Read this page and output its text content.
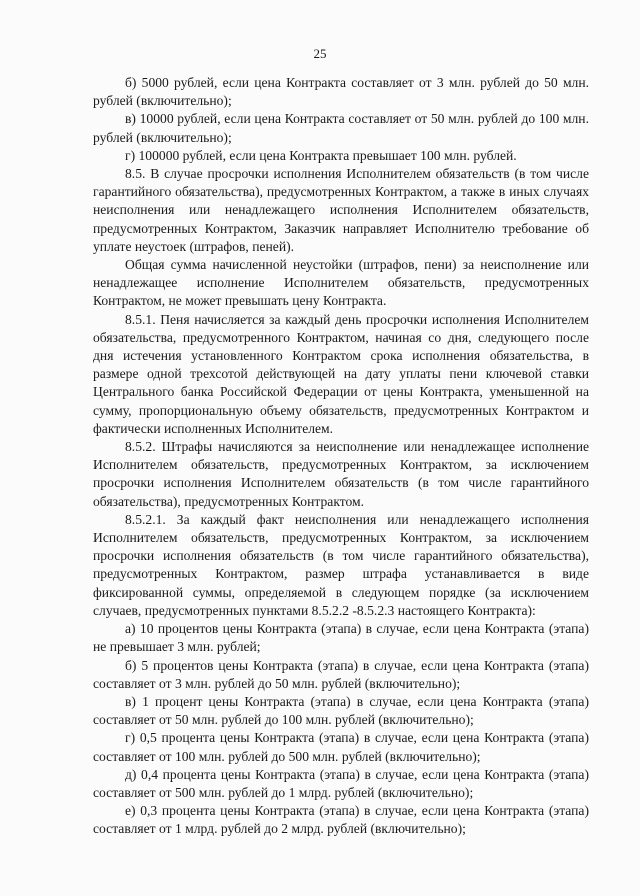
25

б) 5000 рублей, если цена Контракта составляет от 3 млн. рублей до 50 млн. рублей (включительно);

в) 10000 рублей, если цена Контракта составляет от 50 млн. рублей до 100 млн. рублей (включительно);

г) 100000 рублей, если цена Контракта превышает 100 млн. рублей.

8.5. В случае просрочки исполнения Исполнителем обязательств (в том числе гарантийного обязательства), предусмотренных Контрактом, а также в иных случаях неисполнения или ненадлежащего исполнения Исполнителем обязательств, предусмотренных Контрактом, Заказчик направляет Исполнителю требование об уплате неустоек (штрафов, пеней).

Общая сумма начисленной неустойки (штрафов, пени) за неисполнение или ненадлежащее исполнение Исполнителем обязательств, предусмотренных Контрактом, не может превышать цену Контракта.

8.5.1. Пеня начисляется за каждый день просрочки исполнения Исполнителем обязательства, предусмотренного Контрактом, начиная со дня, следующего после дня истечения установленного Контрактом срока исполнения обязательства, в размере одной трехсотой действующей на дату уплаты пени ключевой ставки Центрального банка Российской Федерации от цены Контракта, уменьшенной на сумму, пропорциональную объему обязательств, предусмотренных Контрактом и фактически исполненных Исполнителем.

8.5.2. Штрафы начисляются за неисполнение или ненадлежащее исполнение Исполнителем обязательств, предусмотренных Контрактом, за исключением просрочки исполнения Исполнителем обязательств (в том числе гарантийного обязательства), предусмотренных Контрактом.

8.5.2.1. За каждый факт неисполнения или ненадлежащего исполнения Исполнителем обязательств, предусмотренных Контрактом, за исключением просрочки исполнения обязательств (в том числе гарантийного обязательства), предусмотренных Контрактом, размер штрафа устанавливается в виде фиксированной суммы, определяемой в следующем порядке (за исключением случаев, предусмотренных пунктами 8.5.2.2 -8.5.2.3 настоящего Контракта):

а) 10 процентов цены Контракта (этапа) в случае, если цена Контракта (этапа) не превышает 3 млн. рублей;

б) 5 процентов цены Контракта (этапа) в случае, если цена Контракта (этапа) составляет от 3 млн. рублей до 50 млн. рублей (включительно);

в) 1 процент цены Контракта (этапа) в случае, если цена Контракта (этапа) составляет от 50 млн. рублей до 100 млн. рублей (включительно);

г) 0,5 процента цены Контракта (этапа) в случае, если цена Контракта (этапа) составляет от 100 млн. рублей до 500 млн. рублей (включительно);

д) 0,4 процента цены Контракта (этапа) в случае, если цена Контракта (этапа) составляет от 500 млн. рублей до 1 млрд. рублей (включительно);

е) 0,3 процента цены Контракта (этапа) в случае, если цена Контракта (этапа) составляет от 1 млрд. рублей до 2 млрд. рублей (включительно);
